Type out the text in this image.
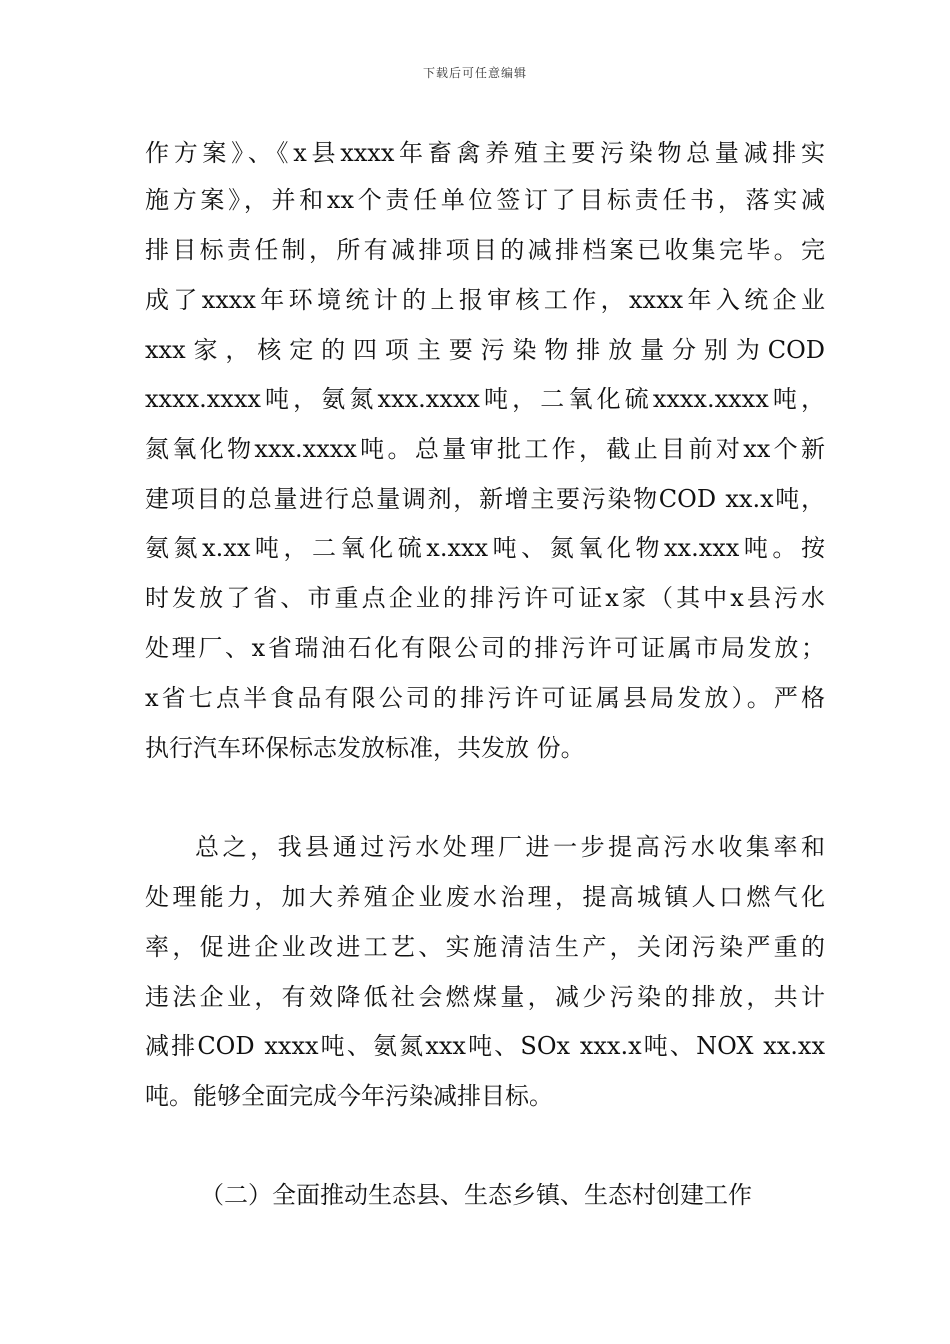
下载后可任意编辑
作方案》、《x县xxxx年畜禽养殖主要污染物总量减排实
施方案》，并和xx个责任单位签订了目标责任书，落实减
排目标责任制，所有减排项目的减排档案已收集完毕。完
成了xxxx年环境统计的上报审核工作，xxxx年入统企业
xxx家，核定的四项主要污染物排放量分别为COD
xxxx.xxxx吨，氨氮xxx.xxxx吨，二氧化硫xxxx.xxxx吨，
氮氧化物xxx.xxxx吨。总量审批工作，截止目前对xx个新
建项目的总量进行总量调剂，新增主要污染物COD xx.x吨，
氨氮x.xx吨，二氧化硫x.xxx吨、氮氧化物xx.xxx吨。按
时发放了省、市重点企业的排污许可证x家（其中x县污水
处理厂、x省瑞油石化有限公司的排污许可证属市局发放；
x省七点半食品有限公司的排污许可证属县局发放）。严格
执行汽车环保标志发放标准，共发放 份。
总之，我县通过污水处理厂进一步提高污水收集率和
处理能力，加大养殖企业废水治理，提高城镇人口燃气化
率，促进企业改进工艺、实施清洁生产，关闭污染严重的
违法企业，有效降低社会燃煤量，减少污染的排放，共计
减排COD xxxx吨、氨氮xxx吨、SOx xxx.x吨、NOX xx.xx
吨。能够全面完成今年污染减排目标。
（二）全面推动生态县、生态乡镇、生态村创建工作
